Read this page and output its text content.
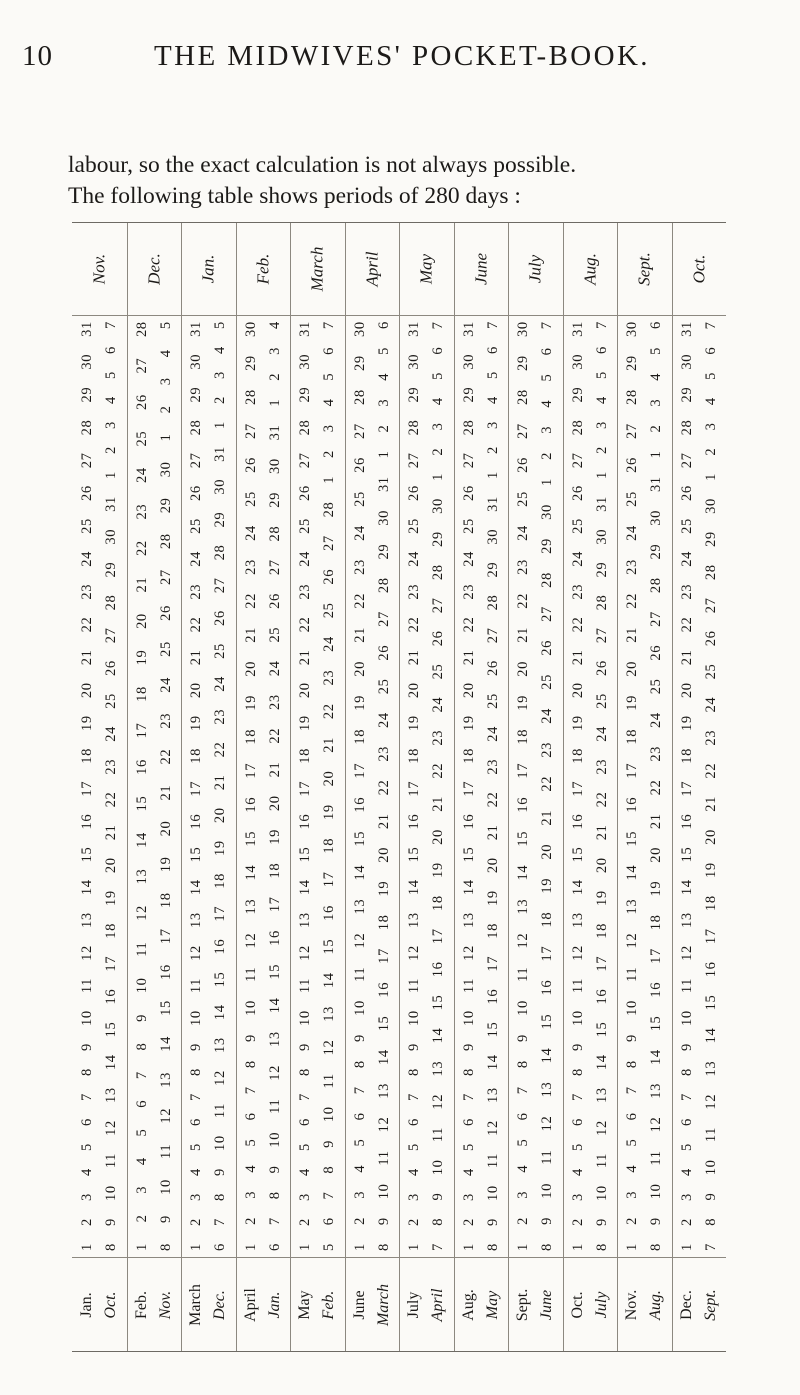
10	THE MIDWIVES' POCKET-BOOK.
labour, so the exact calculation is not always possible.
The following table shows periods of 280 days :
Nov.
1
2
3
4
5
6
7
8
9
10
11
12
13
14
15
16
17
18
19
20
21
22
23
24
25
26
27
28
29
30
31
8
9
10
11
12
13
14
15
16
17
18
19
20
21
22
23
24
25
26
27
28
29
30
31
1
2
3
4
5
6
7
Jan. Oct.
Dec.
1
2
3
4
5
6
7
8
9
10
11
12
13
14
15
16
17
18
19
20
21
22
23
24
25
26
27
28
8
9
10
11
12
13
14
15
16
17
18
19
20
21
22
23
24
25
26
27
28
29
30
1
2
3
4
5
Feb. Nov.
Jan.
1
2
3
4
5
6
7
8
9
10
11
12
13
14
15
16
17
18
19
20
21
22
23
24
25
26
27
28
29
30
31
6
7
8
9
10
11
12
13
14
15
16
17
18
19
20
21
22
23
24
25
26
27
28
29
30
31
1
2
3
4
5
March Dec.
Feb.
1
2
3
4
5
6
7
8
9
10
11
12
13
14
15
16
17
18
19
20
21
22
23
24
25
26
27
28
29
30
6
7
8
9
10
11
12
13
14
15
16
17
18
19
20
21
22
23
24
25
26
27
28
29
30
31
1
2
3
4
April Jan.
March
1
2
3
4
5
6
7
8
9
10
11
12
13
14
15
16
17
18
19
20
21
22
23
24
25
26
27
28
29
30
31
5
6
7
8
9
10
11
12
13
14
15
16
17
18
19
20
21
22
23
24
25
26
27
28
1
2
3
4
5
6
7
May Feb.
April
1
2
3
4
5
6
7
8
9
10
11
12
13
14
15
16
17
18
19
20
21
22
23
24
25
26
27
28
29
30
8
9
10
11
12
13
14
15
16
17
18
19
20
21
22
23
24
25
26
27
28
29
30
31
1
2
3
4
5
6
June March
May
1
2
3
4
5
6
7
8
9
10
11
12
13
14
15
16
17
18
19
20
21
22
23
24
25
26
27
28
29
30
31
7
8
9
10
11
12
13
14
15
16
17
18
19
20
21
22
23
24
25
26
27
28
29
30
1
2
3
4
5
6
7
July April
June
1
2
3
4
5
6
7
8
9
10
11
12
13
14
15
16
17
18
19
20
21
22
23
24
25
26
27
28
29
30
31
8
9
10
11
12
13
14
15
16
17
18
19
20
21
22
23
24
25
26
27
28
29
30
31
1
2
3
4
5
6
7
Aug. May
July
1
2
3
4
5
6
7
8
9
10
11
12
13
14
15
16
17
18
19
20
21
22
23
24
25
26
27
28
29
30
8
9
10
11
12
13
14
15
16
17
18
19
20
21
22
23
24
25
26
27
28
29
30
1
2
3
4
5
6
7
Sept. June
Aug.
1
2
3
4
5
6
7
8
9
10
11
12
13
14
15
16
17
18
19
20
21
22
23
24
25
26
27
28
29
30
31
8
9
10
11
12
13
14
15
16
17
18
19
20
21
22
23
24
25
26
27
28
29
30
31
1
2
3
4
5
6
7
Oct. July
Sept.
1
2
3
4
5
6
7
8
9
10
11
12
13
14
15
16
17
18
19
20
21
22
23
24
25
26
27
28
29
30
8
9
10
11
12
13
14
15
16
17
18
19
20
21
22
23
24
25
26
27
28
29
30
31
1
2
3
4
5
6
Nov. Aug.
Oct.
1
2
3
4
5
6
7
8
9
10
11
12
13
14
15
16
17
18
19
20
21
22
23
24
25
26
27
28
29
30
31
7
8
9
10
11
12
13
14
15
16
17
18
19
20
21
22
23
24
25
26
27
28
29
30
1
2
3
4
5
6
7
Dec. Sept.
